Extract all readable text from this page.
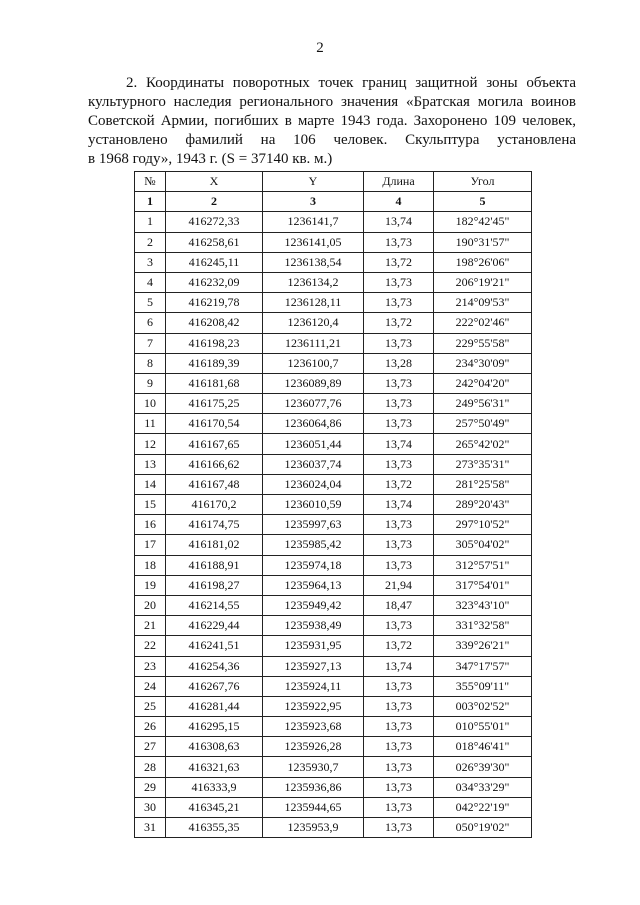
2
2. Координаты поворотных точек границ защитной зоны объекта
культурного наследия регионального значения «Братская могила воинов
Советской Армии, погибших в марте 1943 года. Захоронено 109 человек,
установлено фамилий на 106 человек. Скульптура установлена
в 1968 году», 1943 г. (S = 37140 кв. м.)
№	X	Y	Длина	Угол
1	2	3	4	5
1	416272,33	1236141,7	13,74	182°42'45"
2	416258,61	1236141,05	13,73	190°31'57"
3	416245,11	1236138,54	13,72	198°26'06"
4	416232,09	1236134,2	13,73	206°19'21"
5	416219,78	1236128,11	13,73	214°09'53"
6	416208,42	1236120,4	13,72	222°02'46"
7	416198,23	1236111,21	13,73	229°55'58"
8	416189,39	1236100,7	13,28	234°30'09"
9	416181,68	1236089,89	13,73	242°04'20"
10	416175,25	1236077,76	13,73	249°56'31"
11	416170,54	1236064,86	13,73	257°50'49"
12	416167,65	1236051,44	13,74	265°42'02"
13	416166,62	1236037,74	13,73	273°35'31"
14	416167,48	1236024,04	13,72	281°25'58"
15	416170,2	1236010,59	13,74	289°20'43"
16	416174,75	1235997,63	13,73	297°10'52"
17	416181,02	1235985,42	13,73	305°04'02"
18	416188,91	1235974,18	13,73	312°57'51"
19	416198,27	1235964,13	21,94	317°54'01"
20	416214,55	1235949,42	18,47	323°43'10"
21	416229,44	1235938,49	13,73	331°32'58"
22	416241,51	1235931,95	13,72	339°26'21"
23	416254,36	1235927,13	13,74	347°17'57"
24	416267,76	1235924,11	13,73	355°09'11"
25	416281,44	1235922,95	13,73	003°02'52"
26	416295,15	1235923,68	13,73	010°55'01"
27	416308,63	1235926,28	13,73	018°46'41"
28	416321,63	1235930,7	13,73	026°39'30"
29	416333,9	1235936,86	13,73	034°33'29"
30	416345,21	1235944,65	13,73	042°22'19"
31	416355,35	1235953,9	13,73	050°19'02"
